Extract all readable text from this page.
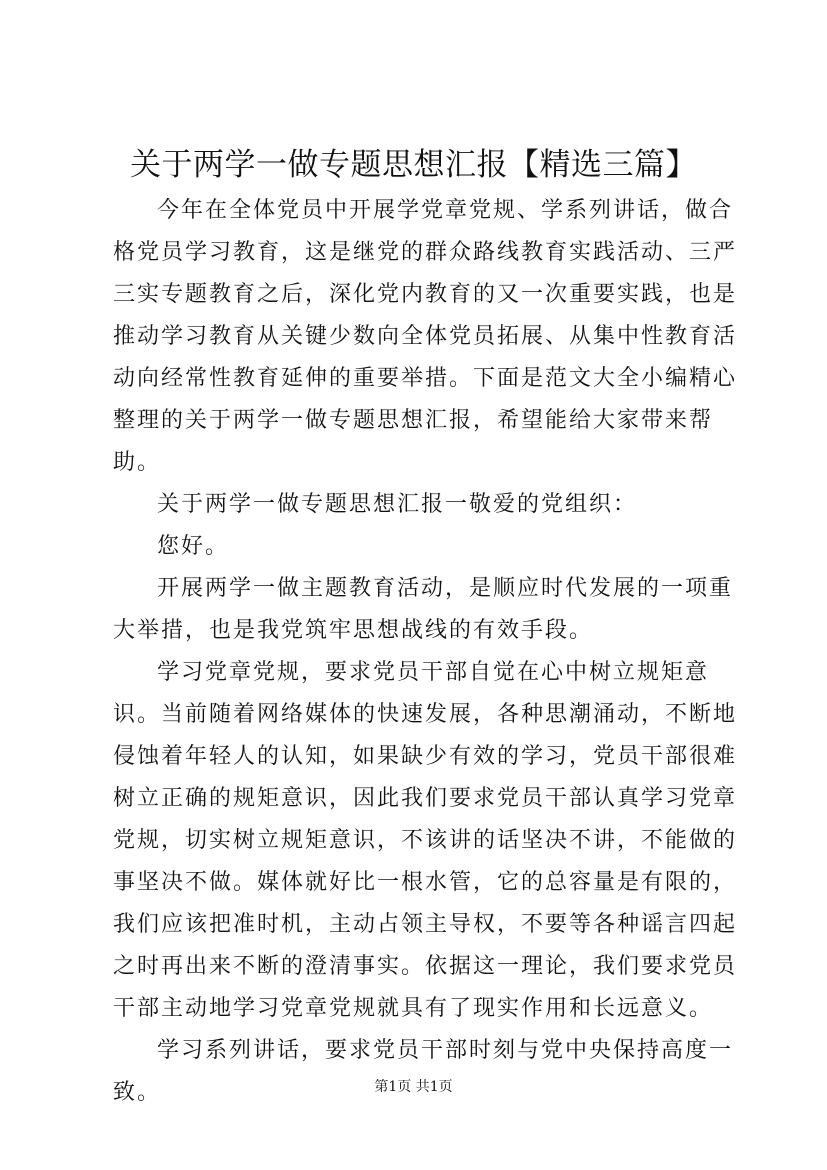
关于两学一做专题思想汇报【精选三篇】

今年在全体党员中开展学党章党规、学系列讲话，做合格党员学习教育，这是继党的群众路线教育实践活动、三严三实专题教育之后，深化党内教育的又一次重要实践，也是推动学习教育从关键少数向全体党员拓展、从集中性教育活动向经常性教育延伸的重要举措。下面是范文大全小编精心整理的关于两学一做专题思想汇报，希望能给大家带来帮助。

关于两学一做专题思想汇报一敬爱的党组织：

您好。

开展两学一做主题教育活动，是顺应时代发展的一项重大举措，也是我党筑牢思想战线的有效手段。

学习党章党规，要求党员干部自觉在心中树立规矩意识。当前随着网络媒体的快速发展，各种思潮涌动，不断地侵蚀着年轻人的认知，如果缺少有效的学习，党员干部很难树立正确的规矩意识，因此我们要求党员干部认真学习党章党规，切实树立规矩意识，不该讲的话坚决不讲，不能做的事坚决不做。媒体就好比一根水管，它的总容量是有限的，我们应该把准时机，主动占领主导权，不要等各种谣言四起之时再出来不断的澄清事实。依据这一理论，我们要求党员干部主动地学习党章党规就具有了现实作用和长远意义。

学习系列讲话，要求党员干部时刻与党中央保持高度一致。	第1页 共1页
